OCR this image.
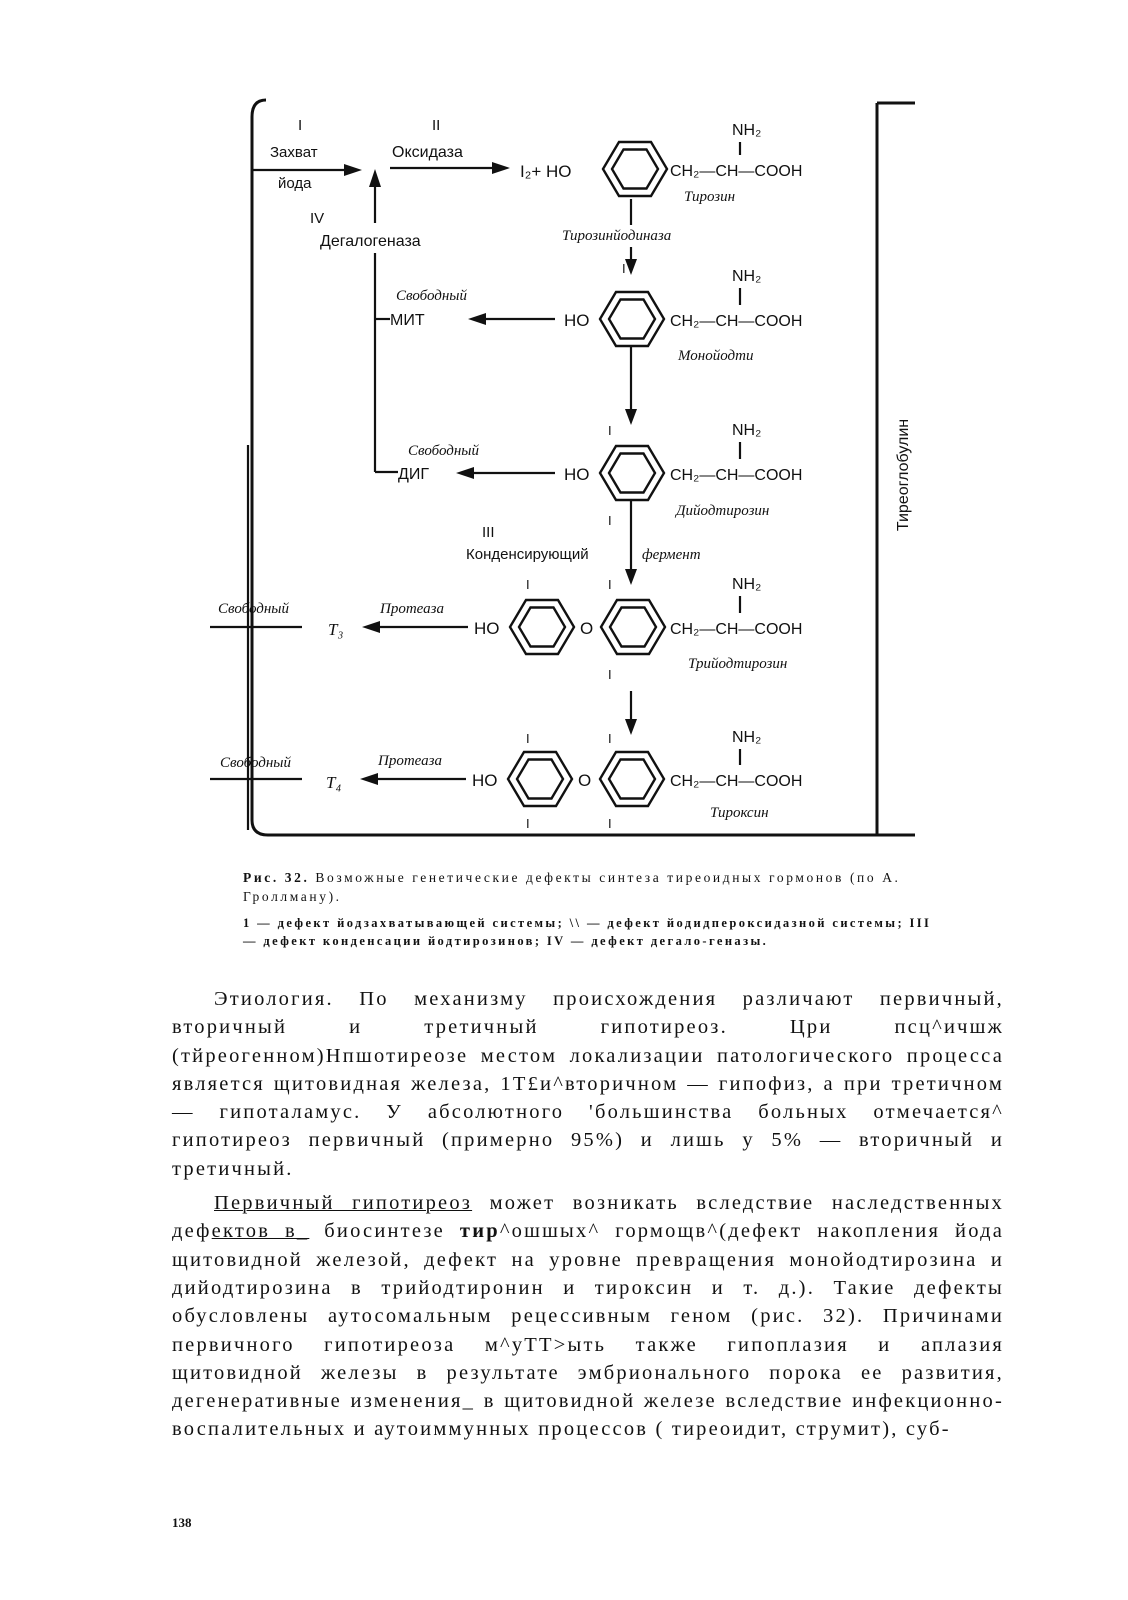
Тиреоглобулин
I
Захват
йода
II
Оксидаза
I₂+ HO
NH₂
CH₂—CH—COOH
Тирозин
IV
Дегалогеназа	Тирозинйодиназа
I
Свободный
МИТ	HO
NH₂
CH₂—CH—COOH
Монойодти
I
Свободный
ДИГ	HO
NH₂
CH₂—CH—COOH
I
Дийодтирозин
III
Конденсирующий	фермент
Свободный	Протеаза
T₃
I	I
HO	O
NH₂
CH₂—CH—COOH
I
Трийодтирозин
Свободный	Протеаза
T₄
I	I
HO	O
NH₂
CH₂—CH—COOH
I	I
Тироксин
Рис. 32. Возможные генетические дефекты синтеза тиреоидных гормонов (по А. Гроллману).
1 — дефект йодзахватывающей системы; \\ — дефект йодидпероксидазной системы; III — дефект конденсации йодтирозинов; IV — дефект дегало-геназы.

Этиология. По механизму происхождения различают первичный, вторичный и третичный гипотиреоз. Цри псц^ичшж (тйреогенном)Нпшотиреозе местом локализации патологического процесса является щитовидная железа, 1Т£и^вторичном — гипофиз, а при третичном — гипоталамус. У абсолютного 'большинства больных отмечается^ гипотиреоз первичный (примерно 95%) и лишь у 5% — вторичный и третичный.

Первичный гипотиреоз может возникать вследствие наследственных дефектов в_ биосинтезе тир^ошшых^ гормощв^(дефект накопления йода щитовидной железой, дефект на уровне превращения монойодтирозина и дийодтирозина в трийодтиронин и тироксин и т. д.). Такие дефекты обусловлены аутосомальным рецессивным геном (рис. 32). Причинами первичного гипотиреоза м^уТТ>ыть также гипоплазия и аплазия щитовидной железы в результате эмбрионального порока ее развития, дегенеративные изменения_ в щитовидной железе вследствие инфекционно-воспалительных и аутоиммунных процессов ( тиреоидит, струмит), суб-

138
